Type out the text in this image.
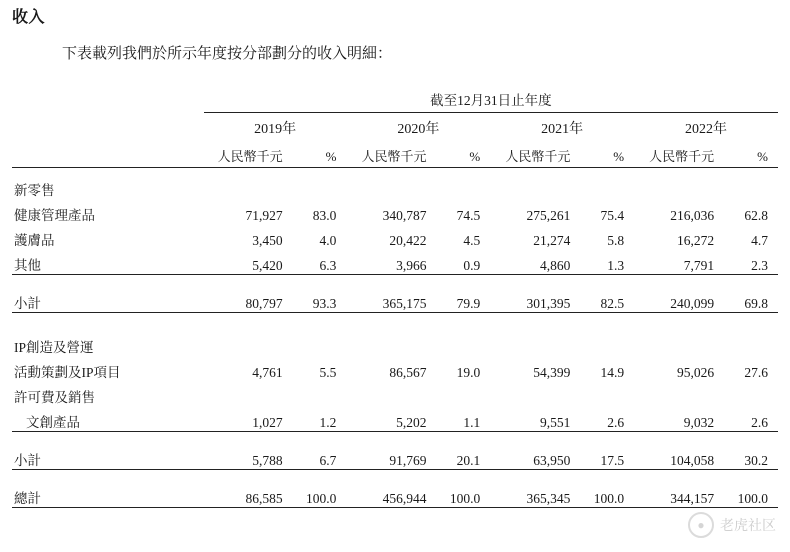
收入
下表載列我們於所示年度按分部劃分的收入明細：
	截至12月31日止年度							
	2019年		2020年		2021年		2022年	
	人民幣千元	%	人民幣千元	%	人民幣千元	%	人民幣千元	%
新零售								
健康管理產品	71,927	83.0	340,787	74.5	275,261	75.4	216,036	62.8
護膚品	3,450	4.0	20,422	4.5	21,274	5.8	16,272	4.7
其他	5,420	6.3	3,966	0.9	4,860	1.3	7,791	2.3

小計	80,797	93.3	365,175	79.9	301,395	82.5	240,099	69.8

IP創造及營運								
活動策劃及IP項目	4,761	5.5	86,567	19.0	54,399	14.9	95,026	27.6
許可費及銷售								
文創產品	1,027	1.2	5,202	1.1	9,551	2.6	9,032	2.6

小計	5,788	6.7	91,769	20.1	63,950	17.5	104,058	30.2

總計	86,585	100.0	456,944	100.0	365,345	100.0	344,157	100.0
●	老虎社区
